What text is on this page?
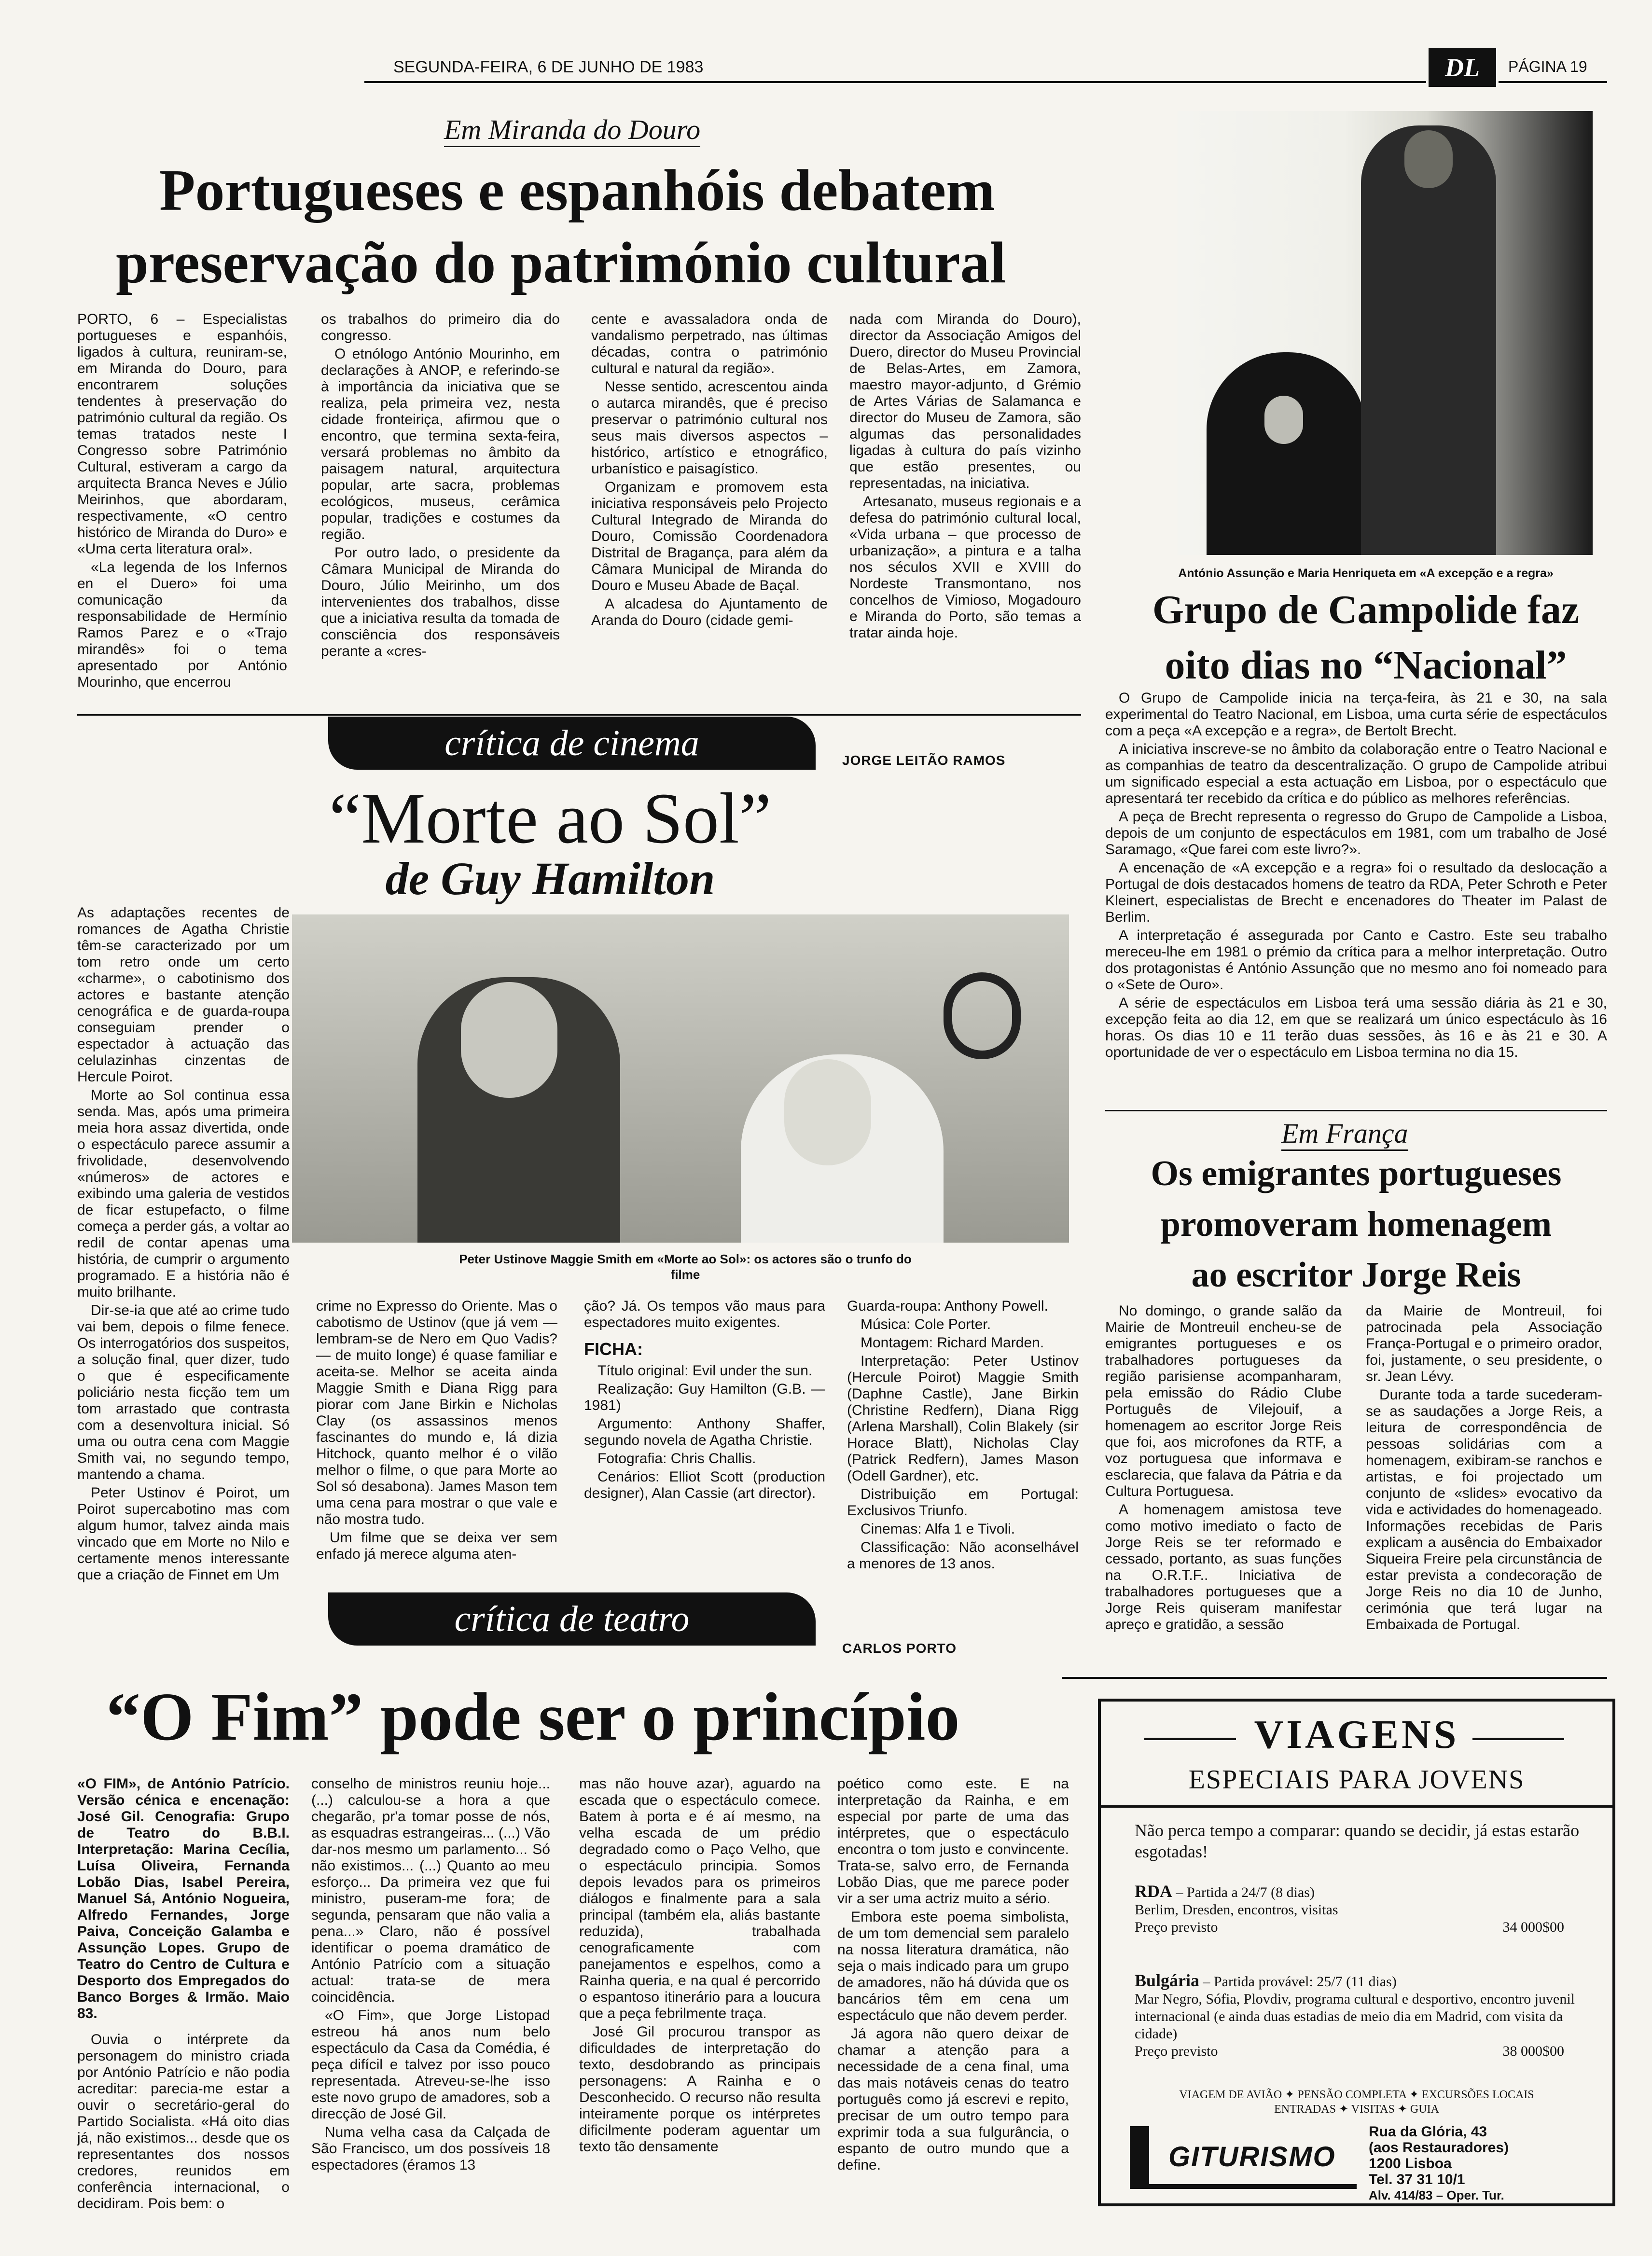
SEGUNDA-FEIRA, 6 DE JUNHO DE 1983	DL	PÁGINA 19
Em Miranda do Douro
Portugueses e espanhóis debatem
preservação do património cultural

PORTO, 6 – Especialistas portugueses e espanhóis, ligados à cultura, reuniram-se, em Miranda do Douro, para encontrarem soluções tendentes à preservação do património cultural da região. Os temas tratados neste I Congresso sobre Património Cultural, estiveram a cargo da arquitecta Branca Neves e Júlio Meirinhos, que abordaram, respectivamente, «O centro histórico de Miranda do Duro» e «Uma certa literatura oral».

«La legenda de los Infernos en el Duero» foi uma comunicação da responsabilidade de Hermínio Ramos Parez e o «Trajo mirandês» foi o tema apresentado por António Mourinho, que encerrou

os trabalhos do primeiro dia do congresso.

O etnólogo António Mourinho, em declarações à ANOP, e referindo-se à importância da iniciativa que se realiza, pela primeira vez, nesta cidade fronteiriça, afirmou que o encontro, que termina sexta-feira, versará problemas no âmbito da paisagem natural, arquitectura popular, arte sacra, problemas ecológicos, museus, cerâmica popular, tradições e costumes da região.

Por outro lado, o presidente da Câmara Municipal de Miranda do Douro, Júlio Meirinho, um dos intervenientes dos trabalhos, disse que a iniciativa resulta da tomada de consciência dos responsáveis perante a «cres-

cente e avassaladora onda de vandalismo perpetrado, nas últimas décadas, contra o património cultural e natural da região».

Nesse sentido, acrescentou ainda o autarca mirandês, que é preciso preservar o património cultural nos seus mais diversos aspectos – histórico, artístico e etnográfico, urbanístico e paisagístico.

Organizam e promovem esta iniciativa responsáveis pelo Projecto Cultural Integrado de Miranda do Douro, Comissão Coordenadora Distrital de Bragança, para além da Câmara Municipal de Miranda do Douro e Museu Abade de Baçal.

A alcadesa do Ajuntamento de Aranda do Douro (cidade gemi-

nada com Miranda do Douro), director da Associação Amigos del Duero, director do Museu Provincial de Belas-Artes, em Zamora, maestro mayor-adjunto, d Grémio de Artes Várias de Salamanca e director do Museu de Zamora, são algumas das personalidades ligadas à cultura do país vizinho que estão presentes, ou representadas, na iniciativa.

Artesanato, museus regionais e a defesa do património cultural local, «Vida urbana – que processo de urbanização», a pintura e a talha nos séculos XVII e XVIII do Nordeste Transmontano, nos concelhos de Vimioso, Mogadouro e Miranda do Porto, são temas a tratar ainda hoje.

António Assunção e Maria Henriqueta em «A excepção e a regra»
Grupo de Campolide faz
oito dias no “Nacional”

O Grupo de Campolide inicia na terça-feira, às 21 e 30, na sala experimental do Teatro Nacional, em Lisboa, uma curta série de espectáculos com a peça «A excepção e a regra», de Bertolt Brecht.

A iniciativa inscreve-se no âmbito da colaboração entre o Teatro Nacional e as companhias de teatro da descentralização. O grupo de Campolide atribui um significado especial a esta actuação em Lisboa, por o espectáculo que apresentará ter recebido da crítica e do público as melhores referências.

A peça de Brecht representa o regresso do Grupo de Campolide a Lisboa, depois de um conjunto de espectáculos em 1981, com um trabalho de José Saramago, «Que farei com este livro?».

A encenação de «A excepção e a regra» foi o resultado da deslocação a Portugal de dois destacados homens de teatro da RDA, Peter Schroth e Peter Kleinert, especialistas de Brecht e encenadores do Theater im Palast de Berlim.

A interpretação é assegurada por Canto e Castro. Este seu trabalho mereceu-lhe em 1981 o prémio da crítica para a melhor interpretação. Outro dos protagonistas é António Assunção que no mesmo ano foi nomeado para o «Sete de Ouro».

A série de espectáculos em Lisboa terá uma sessão diária às 21 e 30, excepção feita ao dia 12, em que se realizará um único espectáculo às 16 horas. Os dias 10 e 11 terão duas sessões, às 16 e às 21 e 30. A oportunidade de ver o espectáculo em Lisboa termina no dia 15.

crítica de cinema	JORGE LEITÃO RAMOS
“Morte ao Sol”
de Guy Hamilton
Peter Ustinove Maggie Smith em «Morte ao Sol»: os actores são o trunfo do filme

As adaptações recentes de romances de Agatha Christie têm-se caracterizado por um tom retro onde um certo «charme», o cabotinismo dos actores e bastante atenção cenográfica e de guarda-roupa conseguiam prender o espectador à actuação das celulazinhas cinzentas de Hercule Poirot.

Morte ao Sol continua essa senda. Mas, após uma primeira meia hora assaz divertida, onde o espectáculo parece assumir a frivolidade, desenvolvendo «números» de actores e exibindo uma galeria de vestidos de ficar estupefacto, o filme começa a perder gás, a voltar ao redil de contar apenas uma história, de cumprir o argumento programado. E a história não é muito brilhante.

Dir-se-ia que até ao crime tudo vai bem, depois o filme fenece. Os interrogatórios dos suspeitos, a solução final, quer dizer, tudo o que é especificamente policiário nesta ficção tem um tom arrastado que contrasta com a desenvoltura inicial. Só uma ou outra cena com Maggie Smith vai, no segundo tempo, mantendo a chama.

Peter Ustinov é Poirot, um Poirot supercabotino mas com algum humor, talvez ainda mais vincado que em Morte no Nilo e certamente menos interessante que a criação de Finnet em Um

crime no Expresso do Oriente. Mas o cabotismo de Ustinov (que já vem — lembram-se de Nero em Quo Vadis? — de muito longe) é quase familiar e aceita-se. Melhor se aceita ainda Maggie Smith e Diana Rigg para piorar com Jane Birkin e Nicholas Clay (os assassinos menos fascinantes do mundo e, lá dizia Hitchock, quanto melhor é o vilão melhor o filme, o que para Morte ao Sol só desabona). James Mason tem uma cena para mostrar o que vale e não mostra tudo.

Um filme que se deixa ver sem enfado já merece alguma aten-

ção? Já. Os tempos vão maus para espectadores muito exigentes.

FICHA:

Título original: Evil under the sun.

Realização: Guy Hamilton (G.B. — 1981)

Argumento: Anthony Shaffer, segundo novela de Agatha Christie.

Fotografia: Chris Challis.

Cenários: Elliot Scott (production designer), Alan Cassie (art director).

Guarda-roupa: Anthony Powell.

Música: Cole Porter.

Montagem: Richard Marden.

Interpretação: Peter Ustinov (Hercule Poirot) Maggie Smith (Daphne Castle), Jane Birkin (Christine Redfern), Diana Rigg (Arlena Marshall), Colin Blakely (sir Horace Blatt), Nicholas Clay (Patrick Redfern), James Mason (Odell Gardner), etc.

Distribuição em Portugal: Exclusivos Triunfo.

Cinemas: Alfa 1 e Tivoli.

Classificação: Não aconselhável a menores de 13 anos.

Em França
Os emigrantes portugueses
promoveram homenagem
ao escritor Jorge Reis

No domingo, o grande salão da Mairie de Montreuil encheu-se de emigrantes portugueses e os trabalhadores portugueses da região parisiense acompanharam, pela emissão do Rádio Clube Português de Vilejouif, a homenagem ao escritor Jorge Reis que foi, aos microfones da RTF, a voz portuguesa que informava e esclarecia, que falava da Pátria e da Cultura Portuguesa.

A homenagem amistosa teve como motivo imediato o facto de Jorge Reis se ter reformado e cessado, portanto, as suas funções na O.R.T.F.. Iniciativa de trabalhadores portugueses que a Jorge Reis quiseram manifestar apreço e gratidão, a sessão

da Mairie de Montreuil, foi patrocinada pela Associação França-Portugal e o primeiro orador, foi, justamente, o seu presidente, o sr. Jean Lévy.

Durante toda a tarde sucederam-se as saudações a Jorge Reis, a leitura de correspondência de pessoas solidárias com a homenagem, exibiram-se ranchos e artistas, e foi projectado um conjunto de «slides» evocativo da vida e actividades do homenageado. Informações recebidas de Paris explicam a ausência do Embaixador Siqueira Freire pela circunstância de estar prevista a condecoração de Jorge Reis no dia 10 de Junho, cerimónia que terá lugar na Embaixada de Portugal.

crítica de teatro
CARLOS PORTO
“O Fim” pode ser o princípio

«O FIM», de António Patrício. Versão cénica e encenação: José Gil. Cenografia: Grupo de Teatro do B.B.I. Interpretação: Marina Cecília, Luísa Oliveira, Fernanda Lobão Dias, Isabel Pereira, Manuel Sá, António Nogueira, Alfredo Fernandes, Jorge Paiva, Conceição Galamba e Assunção Lopes. Grupo de Teatro do Centro de Cultura e Desporto dos Empregados do Banco Borges & Irmão. Maio 83.

Ouvia o intérprete da personagem do ministro criada por António Patrício e não podia acreditar: parecia-me estar a ouvir o secretário-geral do Partido Socialista. «Há oito dias já, não existimos... desde que os representantes dos nossos credores, reunidos em conferência internacional, o decidiram. Pois bem: o

conselho de ministros reuniu hoje... (...) calculou-se a hora a que chegarão, pr'a tomar posse de nós, as esquadras estrangeiras... (...) Vão dar-nos mesmo um parlamento... Só não existimos... (...) Quanto ao meu esforço... Da primeira vez que fui ministro, puseram-me fora; de segunda, pensaram que não valia a pena...» Claro, não é possível identificar o poema dramático de António Patrício com a situação actual: trata-se de mera coincidência.

«O Fim», que Jorge Listopad estreou há anos num belo espectáculo da Casa da Comédia, é peça difícil e talvez por isso pouco representada. Atreveu-se-lhe isso este novo grupo de amadores, sob a direcção de José Gil.

Numa velha casa da Calçada de São Francisco, um dos possíveis 18 espectadores (éramos 13

mas não houve azar), aguardo na escada que o espectáculo comece. Batem à porta e é aí mesmo, na velha escada de um prédio degradado como o Paço Velho, que o espectáculo principia. Somos depois levados para os primeiros diálogos e finalmente para a sala principal (também ela, aliás bastante reduzida), trabalhada cenograficamente com panejamentos e espelhos, como a Rainha queria, e na qual é percorrido o espantoso itinerário para a loucura que a peça febrilmente traça.

José Gil procurou transpor as dificuldades de interpretação do texto, desdobrando as principais personagens: A Rainha e o Desconhecido. O recurso não resulta inteiramente porque os intérpretes dificilmente poderam aguentar um texto tão densamente

poético como este. E na interpretação da Rainha, e em especial por parte de uma das intérpretes, que o espectáculo encontra o tom justo e convincente. Trata-se, salvo erro, de Fernanda Lobão Dias, que me parece poder vir a ser uma actriz muito a sério.

Embora este poema simbolista, de um tom demencial sem paralelo na nossa literatura dramática, não seja o mais indicado para um grupo de amadores, não há dúvida que os bancários têm em cena um espectáculo que não devem perder.

Já agora não quero deixar de chamar a atenção para a necessidade de a cena final, uma das mais notáveis cenas do teatro português como já escrevi e repito, precisar de um outro tempo para exprimir toda a sua fulgurância, o espanto de outro mundo que a define.

VIAGENS
ESPECIAIS PARA JOVENS
Não perca tempo a comparar: quando se decidir, já estas estarão esgotadas!
RDA – Partida a 24/7 (8 dias)
Berlim, Dresden, encontros, visitas
Preço previsto	34 000$00
Bulgária – Partida provável: 25/7 (11 dias)
Mar Negro, Sófia, Plovdiv, programa cultural e desportivo, encontro juvenil internacional (e ainda duas estadias de meio dia em Madrid, com visita da cidade)
Preço previsto	38 000$00
VIAGEM DE AVIÃO ✦ PENSÃO COMPLETA ✦ EXCURSÕES LOCAIS
ENTRADAS ✦ VISITAS ✦ GUIA
GITURISMO
Rua da Glória, 43
(aos Restauradores)
1200 Lisboa
Tel. 37 31 10/1
Alv. 414/83 – Oper. Tur.
